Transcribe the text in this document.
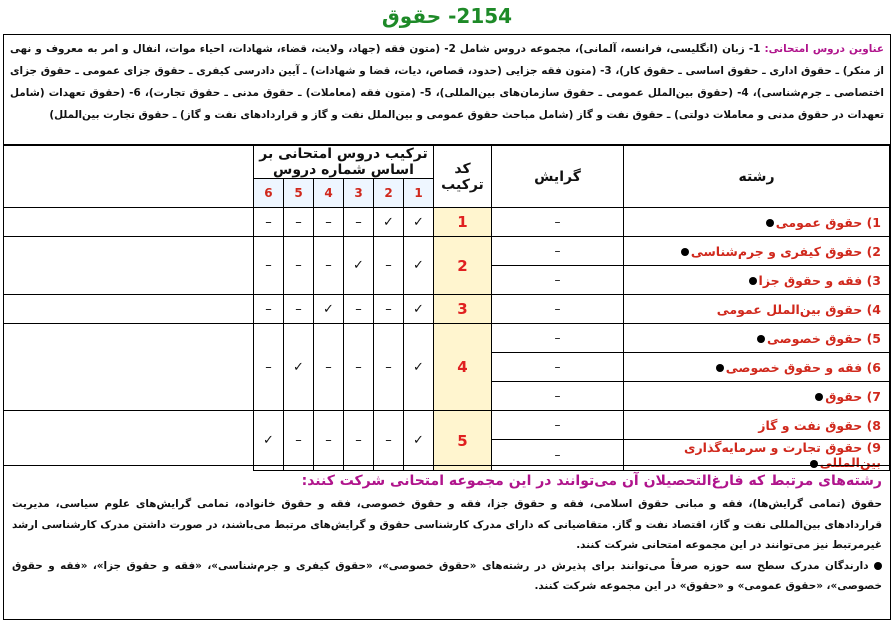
2154- حقوق
عناوین دروس امتحانی: 1- زبان (انگلیسی، فرانسه، آلمانی)، مجموعه دروس شامل 2- (متون فقه (جهاد، ولایت، قضاء، شهادات، احیاء موات، انفال و امر به معروف و نهی از منکر) ـ حقوق اداری ـ حقوق اساسی ـ حقوق کار)، 3- (متون فقه جزایی (حدود، قصاص، دیات، قضا و شهادات) ـ آیین دادرسی کیفری ـ حقوق جزای عمومی ـ حقوق جزای اختصاصی ـ جرم‌شناسی)، 4- (حقوق بین‌الملل عمومی ـ حقوق سازمان‌های بین‌المللی)، 5- (متون فقه (معاملات) ـ حقوق مدنی ـ حقوق تجارت)، 6- (حقوق تعهدات (شامل تعهدات در حقوق مدنی و معاملات دولتی) ـ حقوق نفت و گاز (شامل مباحث حقوق عمومی و بین‌الملل نفت و گاز و قراردادهای نفت و گاز) ـ حقوق تجارت بین‌الملل)
رشته	گرایش	کد ترکیب	ترکیب دروس امتحانی بر اساس شماره دروس						
			1	2	3	4	5	6	
1) حقوق عمومی	–	1	✓	✓	–	–	–	–	
2) حقوق کیفری و جرم‌شناسی	–	2	✓	–	✓	–	–	–	
3) فقه و حقوق جزا	–								
4) حقوق بین‌الملل عمومی	–	3	✓	–	–	✓	–	–	
5) حقوق خصوصی	–	4	✓	–	–	–	✓	–	
6) فقه و حقوق خصوصی	–								
7) حقوق	–								
8) حقوق نفت و گاز	–	5	✓	–	–	–	–	✓	
9) حقوق تجارت و سرمایه‌گذاری بین‌المللی	–								
رشته‌های مرتبط که فارغ‌التحصیلان آن می‌توانند در این مجموعه امتحانی شرکت کنند:
حقوق (تمامی گرایش‌ها)، فقه و مبانی حقوق اسلامی، فقه و حقوق جزا، فقه و حقوق خصوصی، فقه و حقوق خانواده، تمامی گرایش‌های علوم سیاسی، مدیریت قراردادهای بین‌المللی نفت و گاز، اقتصاد نفت و گاز. متقاضیانی که دارای مدرک کارشناسی حقوق و گرایش‌های مرتبط می‌باشند، در صورت داشتن مدرک کارشناسی ارشد غیرمرتبط نیز می‌توانند در این مجموعه امتحانی شرکت کنند.
دارندگان مدرک سطح سه حوزه صرفاً می‌توانند برای پذیرش در رشته‌های «حقوق خصوصی»، «حقوق کیفری و جرم‌شناسی»، «فقه و حقوق جزا»، «فقه و حقوق خصوصی»، «حقوق عمومی» و «حقوق» در این مجموعه شرکت کنند.
